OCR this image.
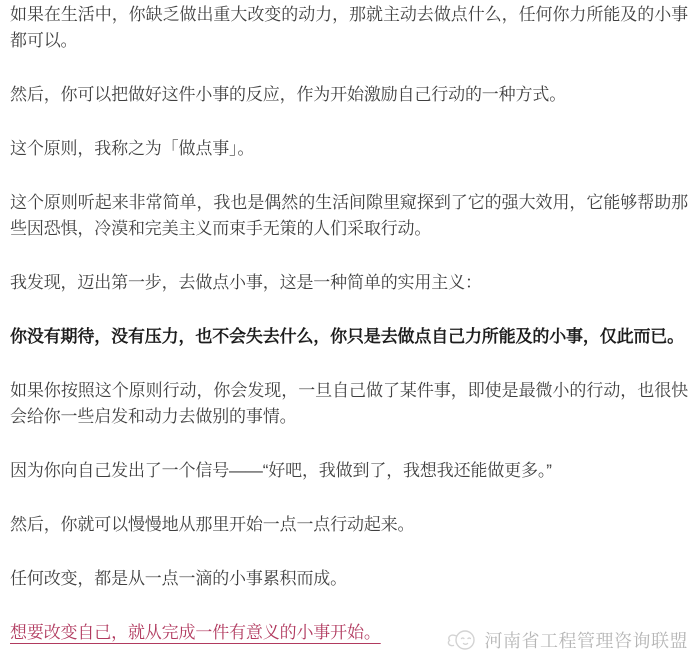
如果在生活中，你缺乏做出重大改变的动力，那就主动去做点什么，任何你力所能及的小事都可以。

然后，你可以把做好这件小事的反应，作为开始激励自己行动的一种方式。

这个原则，我称之为「做点事」。

这个原则听起来非常简单，我也是偶然的生活间隙里窥探到了它的强大效用，它能够帮助那些因恐惧，冷漠和完美主义而束手无策的人们采取行动。

我发现，迈出第一步，去做点小事，这是一种简单的实用主义：

你没有期待，没有压力，也不会失去什么，你只是去做点自己力所能及的小事，仅此而已。

如果你按照这个原则行动，你会发现，一旦自己做了某件事，即使是最微小的行动，也很快会给你一些启发和动力去做别的事情。

因为你向自己发出了一个信号——“好吧，我做到了，我想我还能做更多。”

然后，你就可以慢慢地从那里开始一点一点行动起来。

任何改变，都是从一点一滴的小事累积而成。

想要改变自己，就从完成一件有意义的小事开始。	河南省工程管理咨询联盟
